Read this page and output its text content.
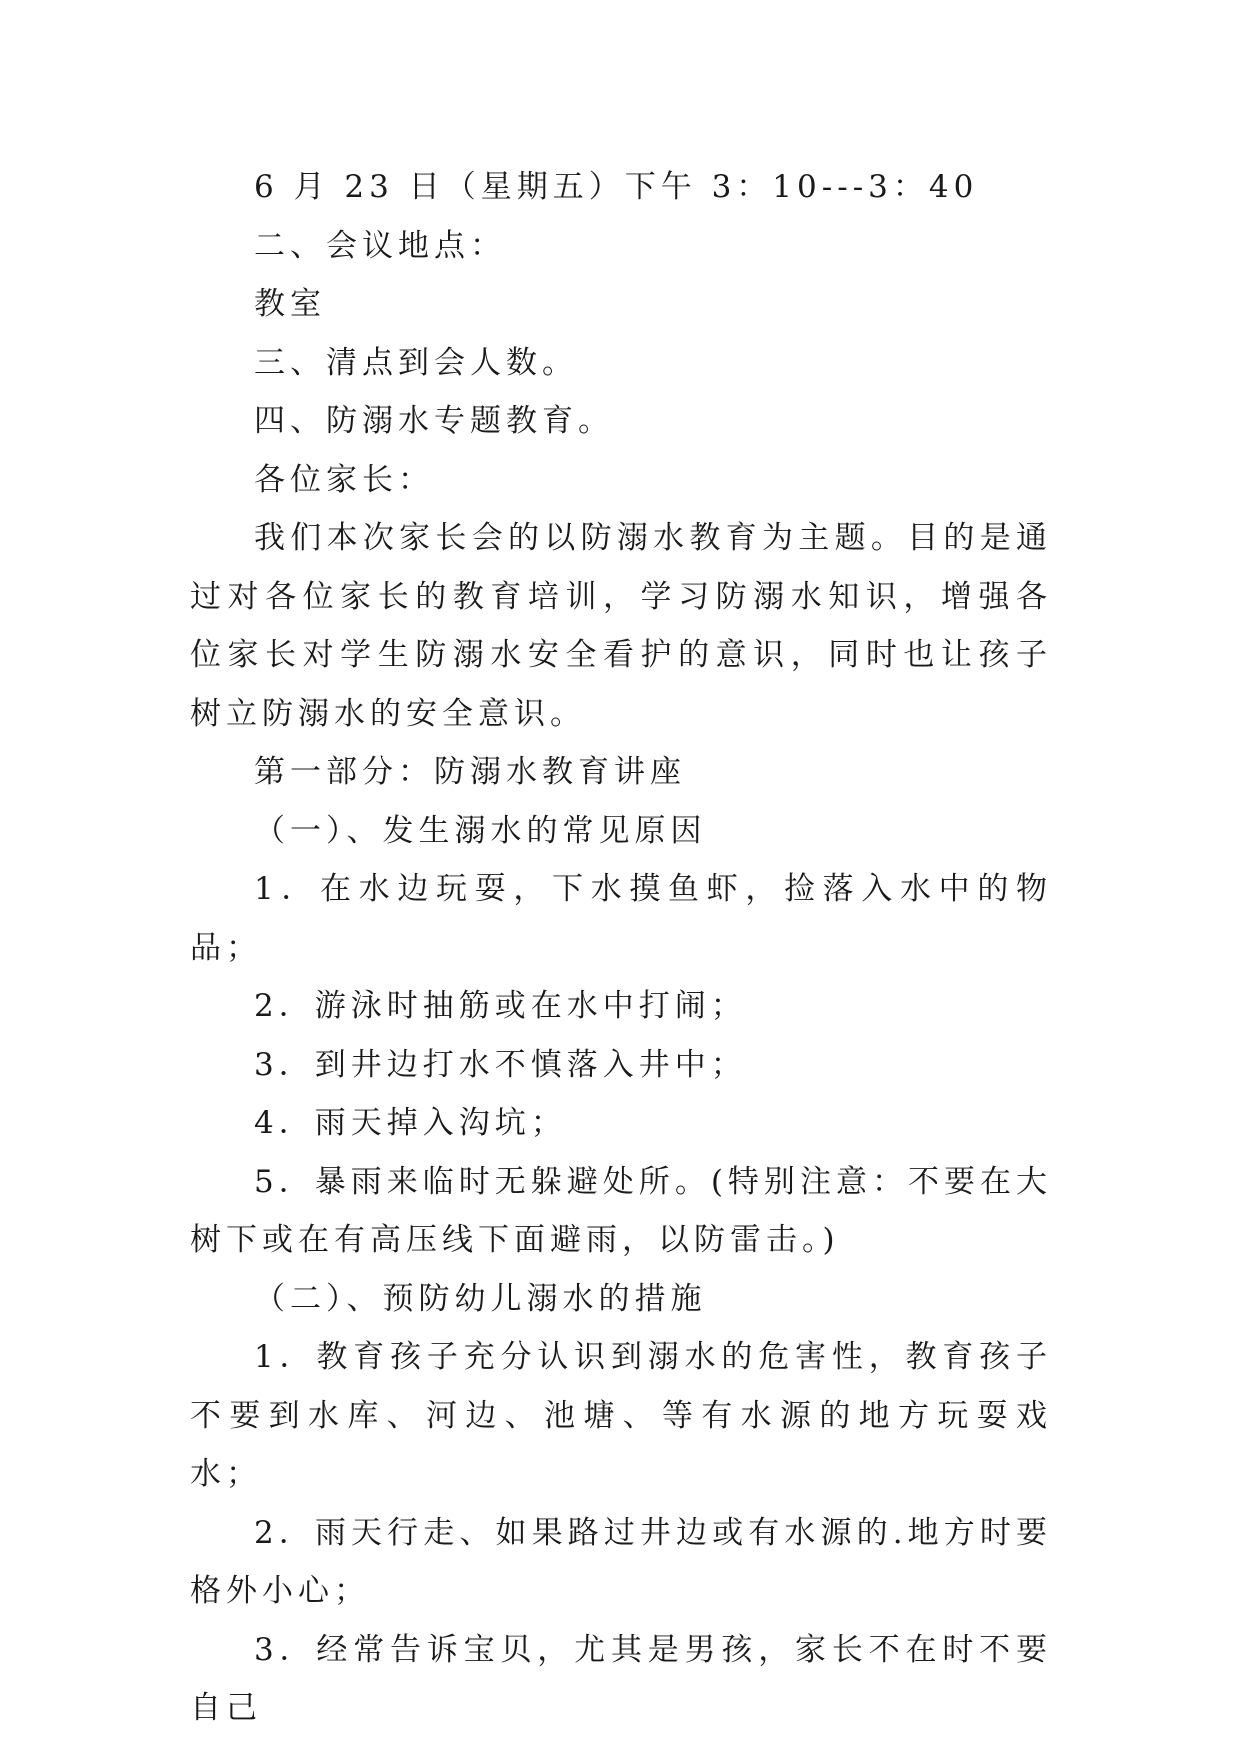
6 月 23 日（星期五）下午 3：10---3：40

二、会议地点：

教室

三、清点到会人数。

四、防溺水专题教育。

各位家长：

我们本次家长会的以防溺水教育为主题。目的是通过对各位家长的教育培训，学习防溺水知识，增强各位家长对学生防溺水安全看护的意识，同时也让孩子树立防溺水的安全意识。

第一部分：防溺水教育讲座

（一）、发生溺水的常见原因

1．在水边玩耍，下水摸鱼虾，捡落入水中的物品；

2．游泳时抽筋或在水中打闹；

3．到井边打水不慎落入井中；

4．雨天掉入沟坑；

5．暴雨来临时无躲避处所。(特别注意：不要在大树下或在有高压线下面避雨，以防雷击。)

（二）、预防幼儿溺水的措施

1．教育孩子充分认识到溺水的危害性，教育孩子不要到水库、河边、池塘、等有水源的地方玩耍戏水；

2．雨天行走、如果路过井边或有水源的.地方时要格外小心；

3．经常告诉宝贝，尤其是男孩，家长不在时不要自己
